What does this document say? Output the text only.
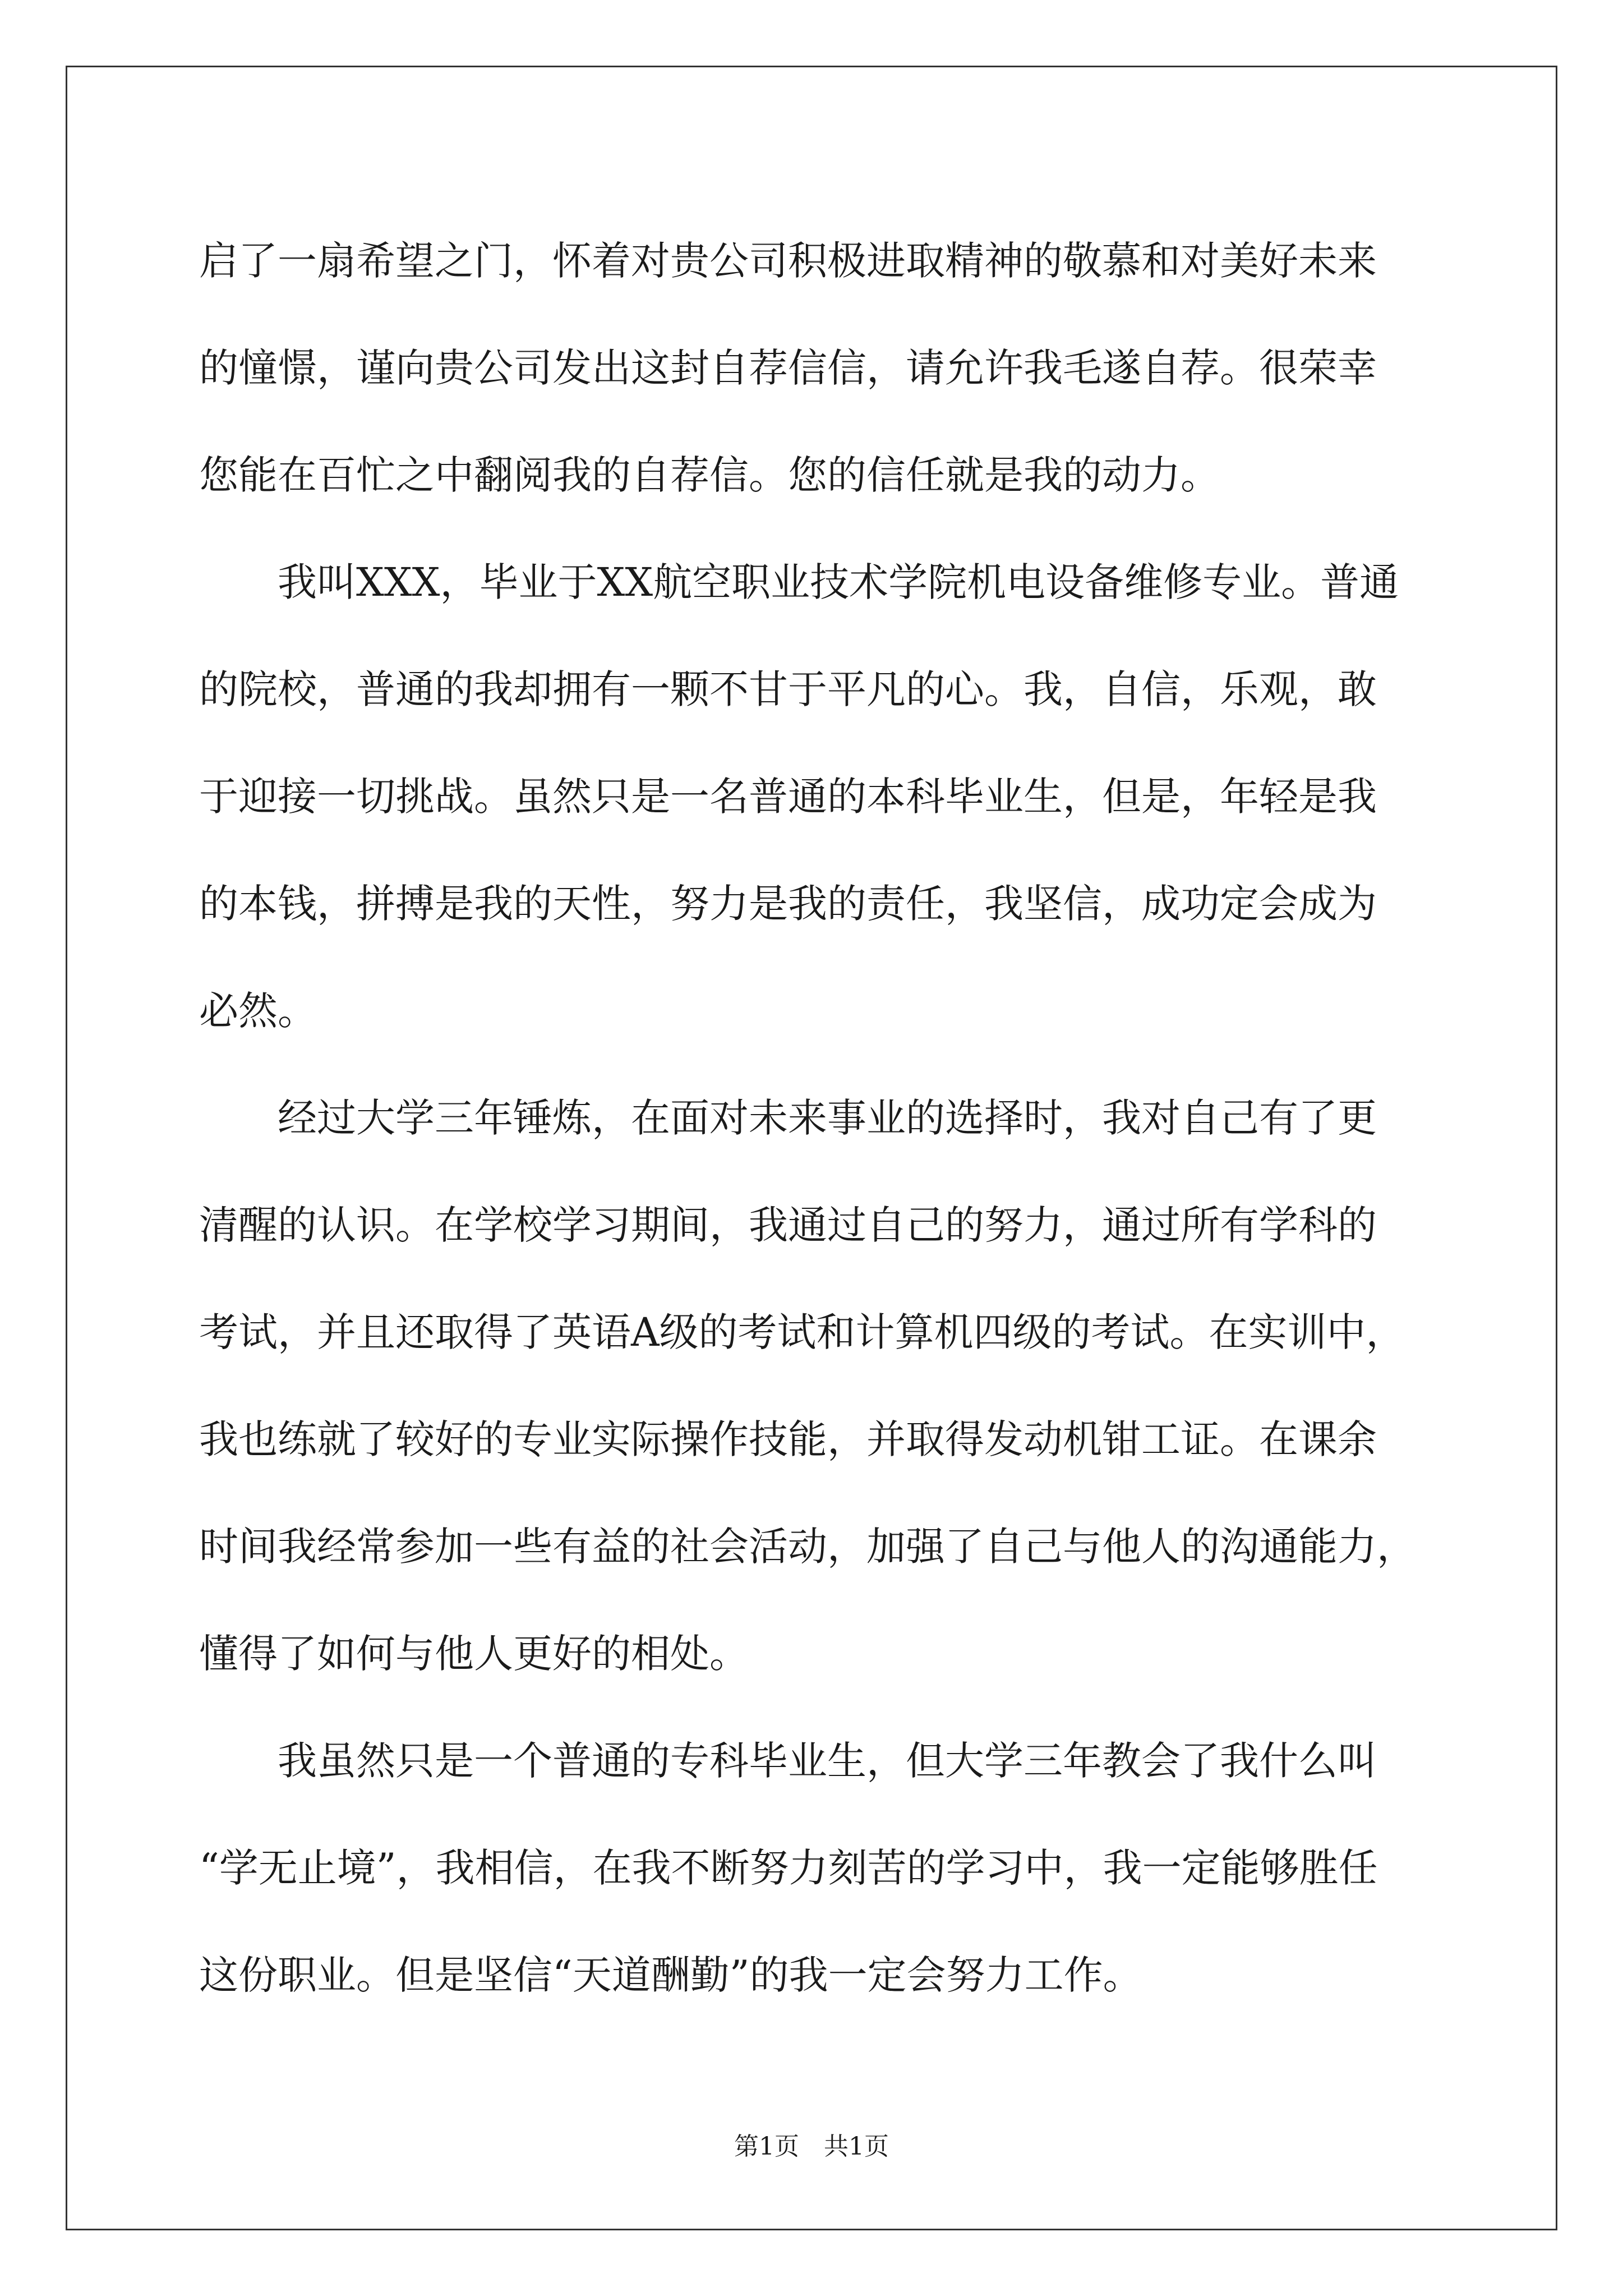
启了一扇希望之门，怀着对贵公司积极进取精神的敬慕和对美好未来
的憧憬，谨向贵公司发出这封自荐信信，请允许我毛遂自荐。很荣幸
您能在百忙之中翻阅我的自荐信。您的信任就是我的动力。

我叫XXX，毕业于XX航空职业技术学院机电设备维修专业。普通
的院校，普通的我却拥有一颗不甘于平凡的心。我，自信，乐观，敢
于迎接一切挑战。虽然只是一名普通的本科毕业生，但是，年轻是我
的本钱，拼搏是我的天性，努力是我的责任，我坚信，成功定会成为
必然。

经过大学三年锤炼，在面对未来事业的选择时，我对自己有了更
清醒的认识。在学校学习期间，我通过自己的努力，通过所有学科的
考试，并且还取得了英语A级的考试和计算机四级的考试。在实训中，
我也练就了较好的专业实际操作技能，并取得发动机钳工证。在课余
时间我经常参加一些有益的社会活动，加强了自己与他人的沟通能力，
懂得了如何与他人更好的相处。

我虽然只是一个普通的专科毕业生，但大学三年教会了我什么叫
“学无止境”，我相信，在我不断努力刻苦的学习中，我一定能够胜任
这份职业。但是坚信“天道酬勤”的我一定会努力工作。

第1页　共1页
